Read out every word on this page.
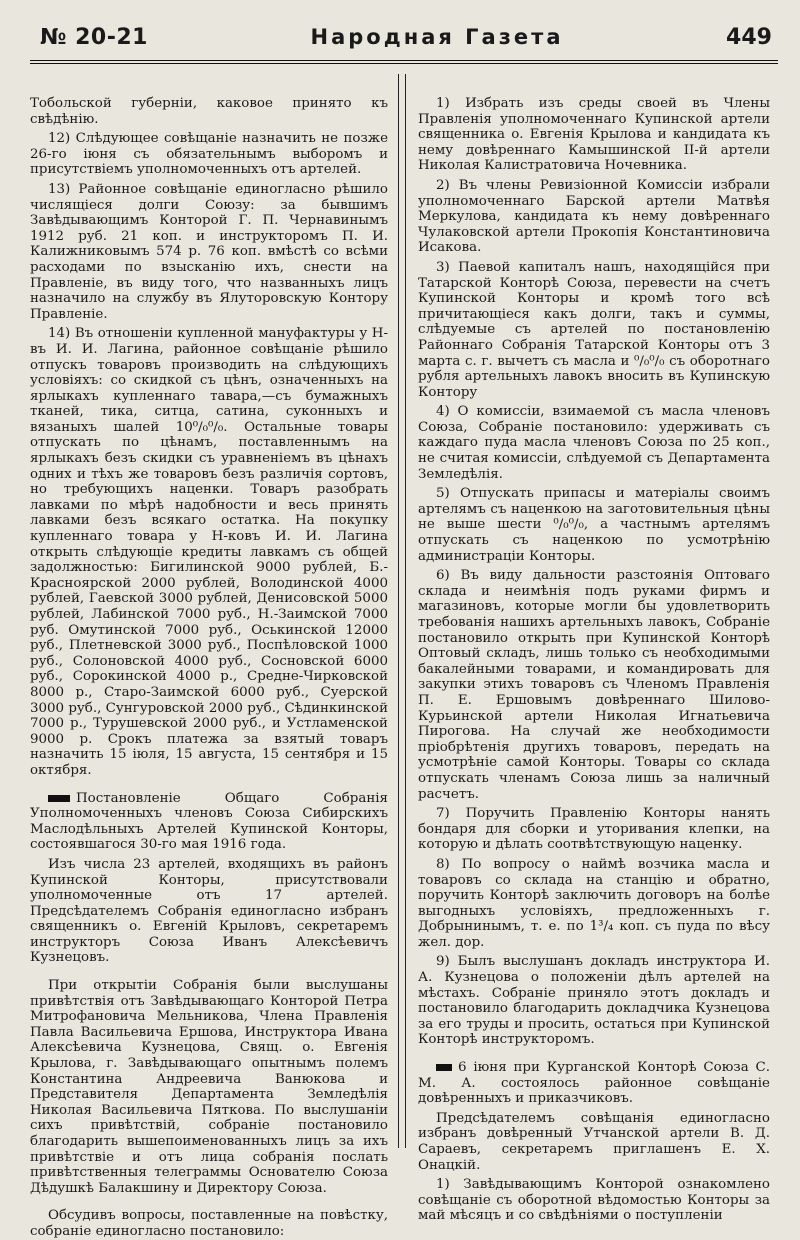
№ 20-21	Народная Газета	449

Тобольской губерніи, каковое принято къ свѣдѣнію.

12) Слѣдующее совѣщаніе назначить не позже 26-го іюня съ обязательнымъ выборомъ и присутствіемъ уполномоченныхъ отъ артелей.

13) Районное совѣщаніе единогласно рѣшило числящіеся долги Союзу: за бывшимъ Завѣдывающимъ Конторой Г. П. Чернавинымъ 1912 руб. 21 коп. и инструкторомъ П. И. Калижниковымъ 574 р. 76 коп. вмѣстѣ со всѣми расходами по взысканію ихъ, снести на Правленіе, въ виду того, что названныхъ лицъ назначило на службу въ Ялуторовскую Контору Правленіе.

14) Въ отношеніи купленной мануфактуры у Н-въ И. И. Лагина, районное совѣщаніе рѣшило отпускъ товаровъ производить на слѣдующихъ условіяхъ: со скидкой съ цѣнъ, означенныхъ на ярлыкахъ купленнаго тавара,—съ бумажныхъ тканей, тика, ситца, сатина, суконныхъ и вязаныхъ шалей 10⁰/₀⁰/₀. Остальные товары отпускать по цѣнамъ, поставленнымъ на ярлыкахъ безъ скидки съ уравненіемъ въ цѣнахъ одних и тѣхъ же товаровъ безъ различія сортовъ, но требующихъ наценки. Товаръ разобрать лавками по мѣрѣ надобности и весь принять лавками безъ всякаго остатка. На покупку купленнаго товара у Н-ковъ И. И. Лагина открыть слѣдующіе кредиты лавкамъ съ общей задолжностью: Бигилинской 9000 рублей, Б.-Красноярской 2000 рублей, Володинской 4000 рублей, Гаевской 3000 рублей, Денисовской 5000 рублей, Лабинской 7000 руб., Н.-Заимской 7000 руб. Омутинской 7000 руб., Оськинской 12000 руб., Плетневской 3000 руб., Поспѣловской 1000 руб., Солоновской 4000 руб., Сосновской 6000 руб., Сорокинской 4000 р., Средне-Чирковской 8000 р., Старо-Заимской 6000 руб., Суерской 3000 руб., Сунгуровской 2000 руб., Сѣдинкинской 7000 р., Турушевской 2000 руб., и Устламенской 9000 р. Срокъ платежа за взятый товаръ назначить 15 іюля, 15 августа, 15 сентября и 15 октября.

Постановленіе Общаго Собранія Уполномоченныхъ членовъ Союза Сибирскихъ Маслодѣльныхъ Артелей Купинской Конторы, состоявшагося 30-го мая 1916 года.

Изъ числа 23 артелей, входящихъ въ районъ Купинской Конторы, присутствовали уполномоченные отъ 17 артелей. Предсѣдателемъ Собранія единогласно избранъ священникъ о. Евгеній Крыловъ, секретаремъ инструкторъ Союза Иванъ Алексѣевичъ Кузнецовъ.

При открытіи Собранія были выслушаны привѣтствія отъ Завѣдывающаго Конторой Петра Митрофановича Мельникова, Члена Правленія Павла Васильевича Ершова, Инструктора Ивана Алексѣевича Кузнецова, Свящ. о. Евгенія Крылова, г. Завѣдывающаго опытнымъ полемъ Константина Андреевича Ванюкова и Представителя Департамента Земледѣлія Николая Васильевича Пяткова. По выслушаніи сихъ привѣтствій, собраніе постановило благодарить вышепоименованныхъ лицъ за ихъ привѣтствіе и отъ лица собранія послать привѣтственныя телеграммы Основателю Союза Дѣдушкѣ Балакшину и Директору Союза.

Обсудивъ вопросы, поставленные на повѣстку, собраніе единогласно постановило:

1) Избрать изъ среды своей въ Члены Правленія уполномоченнаго Купинской артели священника о. Евгенія Крылова и кандидата къ нему довѣреннаго Камышинской II-й артели Николая Калистратовича Ночевника.

2) Въ члены Ревизіонной Комиссіи избрали уполномоченнаго Барской артели Матвѣя Меркулова, кандидата къ нему довѣреннаго Чулаковской артели Прокопія Константиновича Исакова.

3) Паевой капиталъ нашъ, находящійся при Татарской Конторѣ Союза, перевести на счетъ Купинской Конторы и кромѣ того всѣ причитающіеся какъ долги, такъ и суммы, слѣдуемые съ артелей по постановленію Районнаго Собранія Татарской Конторы отъ 3 марта с. г. вычетъ съ масла и ⁰/₀⁰/₀ съ оборотнаго рубля артельныхъ лавокъ вносить въ Купинскую Контору

4) О комиссіи, взимаемой съ масла членовъ Союза, Собраніе постановило: удерживать съ каждаго пуда масла членовъ Союза по 25 коп., не считая комиссіи, слѣдуемой съ Департамента Земледѣлія.

5) Отпускать припасы и матеріалы своимъ артелямъ съ наценкою на заготовительныя цѣны не выше шести ⁰/₀⁰/₀, а частнымъ артелямъ отпускать съ наценкою по усмотрѣнію администраціи Конторы.

6) Въ виду дальности разстоянія Оптоваго склада и неимѣнія подъ руками фирмъ и магазиновъ, которые могли бы удовлетворить требованія нашихъ артельныхъ лавокъ, Собраніе постановило открыть при Купинской Конторѣ Оптовый складъ, лишь только съ необходимыми бакалейными товарами, и командировать для закупки этихъ товаровъ съ Членомъ Правленія П. Е. Ершовымъ довѣреннаго Шилово-Курьинской артели Николая Игнатьевича Пирогова. На случай же необходимости пріобрѣтенія другихъ товаровъ, передать на усмотрѣніе самой Конторы. Товары со склада отпускать членамъ Союза лишь за наличный расчетъ.

7) Поручить Правленію Конторы нанять бондаря для сборки и уторивания клепки, на которую и дѣлать соотвѣтствующую наценку.

8) По вопросу о наймѣ возчика масла и товаровъ со склада на станцію и обратно, поручить Конторѣ заключить договоръ на болѣе выгодныхъ условіяхъ, предложенныхъ г. Добрынинымъ, т. е. по 1³/₄ коп. съ пуда по вѣсу жел. дор.

9) Былъ выслушанъ докладъ инструктора И. А. Кузнецова о положеніи дѣлъ артелей на мѣстахъ. Собраніе приняло этотъ докладъ и постановило благодарить докладчика Кузнецова за его труды и просить, остаться при Купинской Конторѣ инструкторомъ.

6 іюня при Курганской Конторѣ Союза С. М. А. состоялось районное совѣщаніе довѣренныхъ и приказчиковъ.

Предсѣдателемъ совѣщанія единогласно избранъ довѣренный Утчанской артели В. Д. Сараевъ, секретаремъ приглашенъ Е. Х. Онацкій.

1) Завѣдывающимъ Конторой ознакомлено совѣщаніе съ оборотной вѣдомостью Конторы за май мѣсяцъ и со свѣдѣніями о поступленіи
